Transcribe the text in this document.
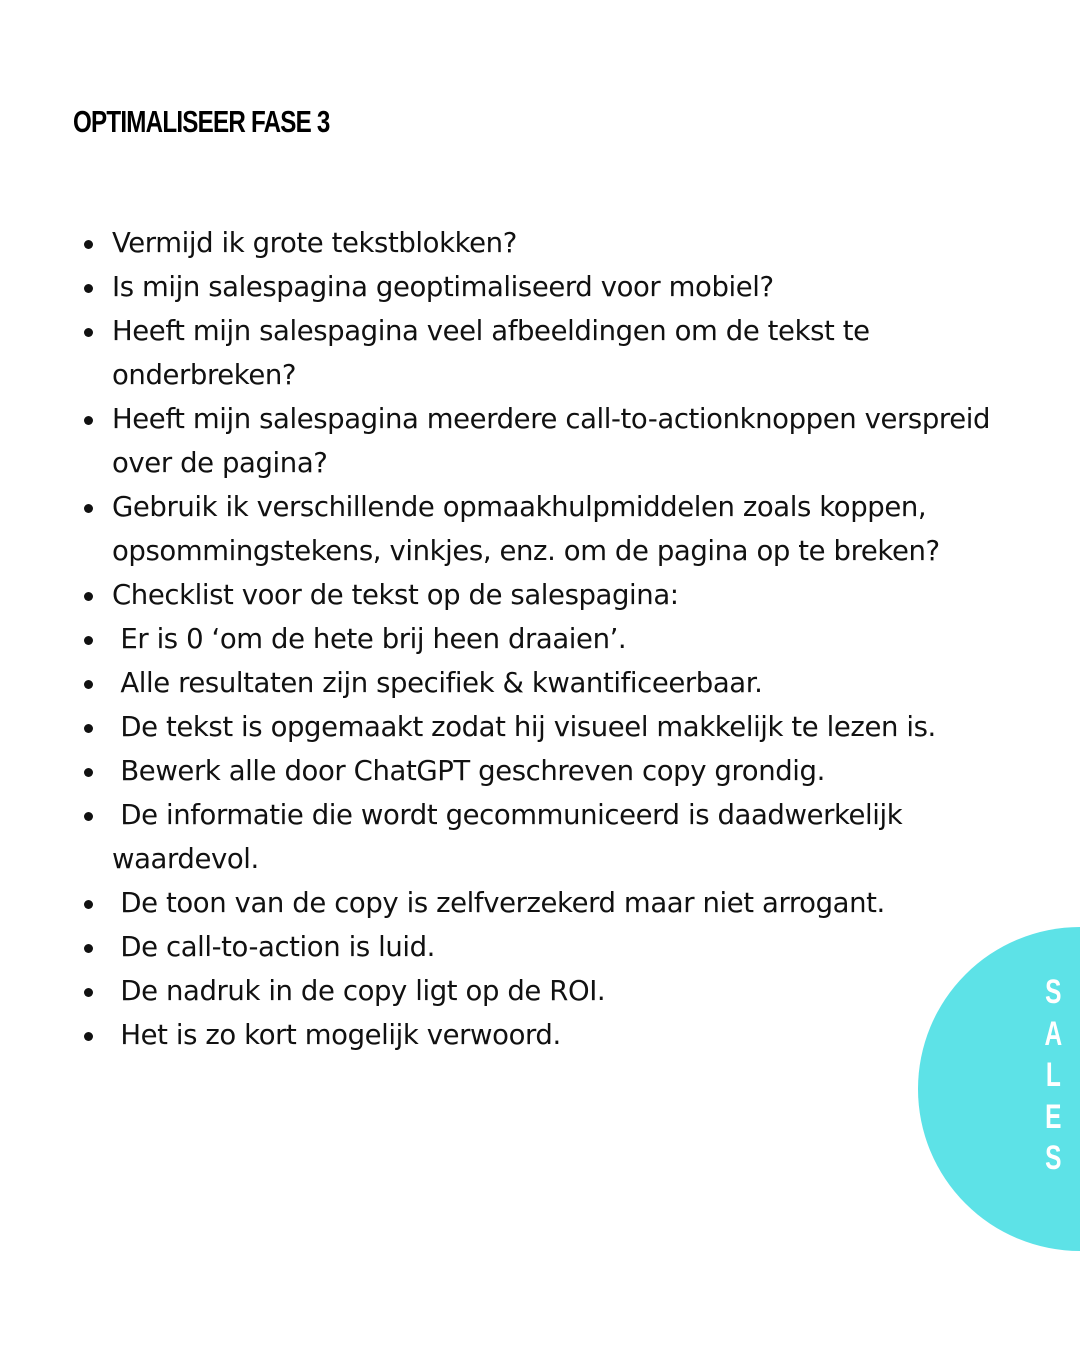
OPTIMALISEER FASE 3
Vermijd ik grote tekstblokken?
Is mijn salespagina geoptimaliseerd voor mobiel?
Heeft mijn salespagina veel afbeeldingen om de tekst te onderbreken?
Heeft mijn salespagina meerdere call-to-actionknoppen verspreid over de pagina?
Gebruik ik verschillende opmaakhulpmiddelen zoals koppen, opsommingstekens, vinkjes, enz. om de pagina op te breken?
Checklist voor de tekst op de salespagina:
Er is 0 ‘om de hete brij heen draaien’.
Alle resultaten zijn specifiek & kwantificeerbaar.
De tekst is opgemaakt zodat hij visueel makkelijk te lezen is.
Bewerk alle door ChatGPT geschreven copy grondig.
De informatie die wordt gecommuniceerd is daadwerkelijk waardevol.
De toon van de copy is zelfverzekerd maar niet arrogant.
De call-to-action is luid.
De nadruk in de copy ligt op de ROI.
Het is zo kort mogelijk verwoord.
S
A
L
E
S
